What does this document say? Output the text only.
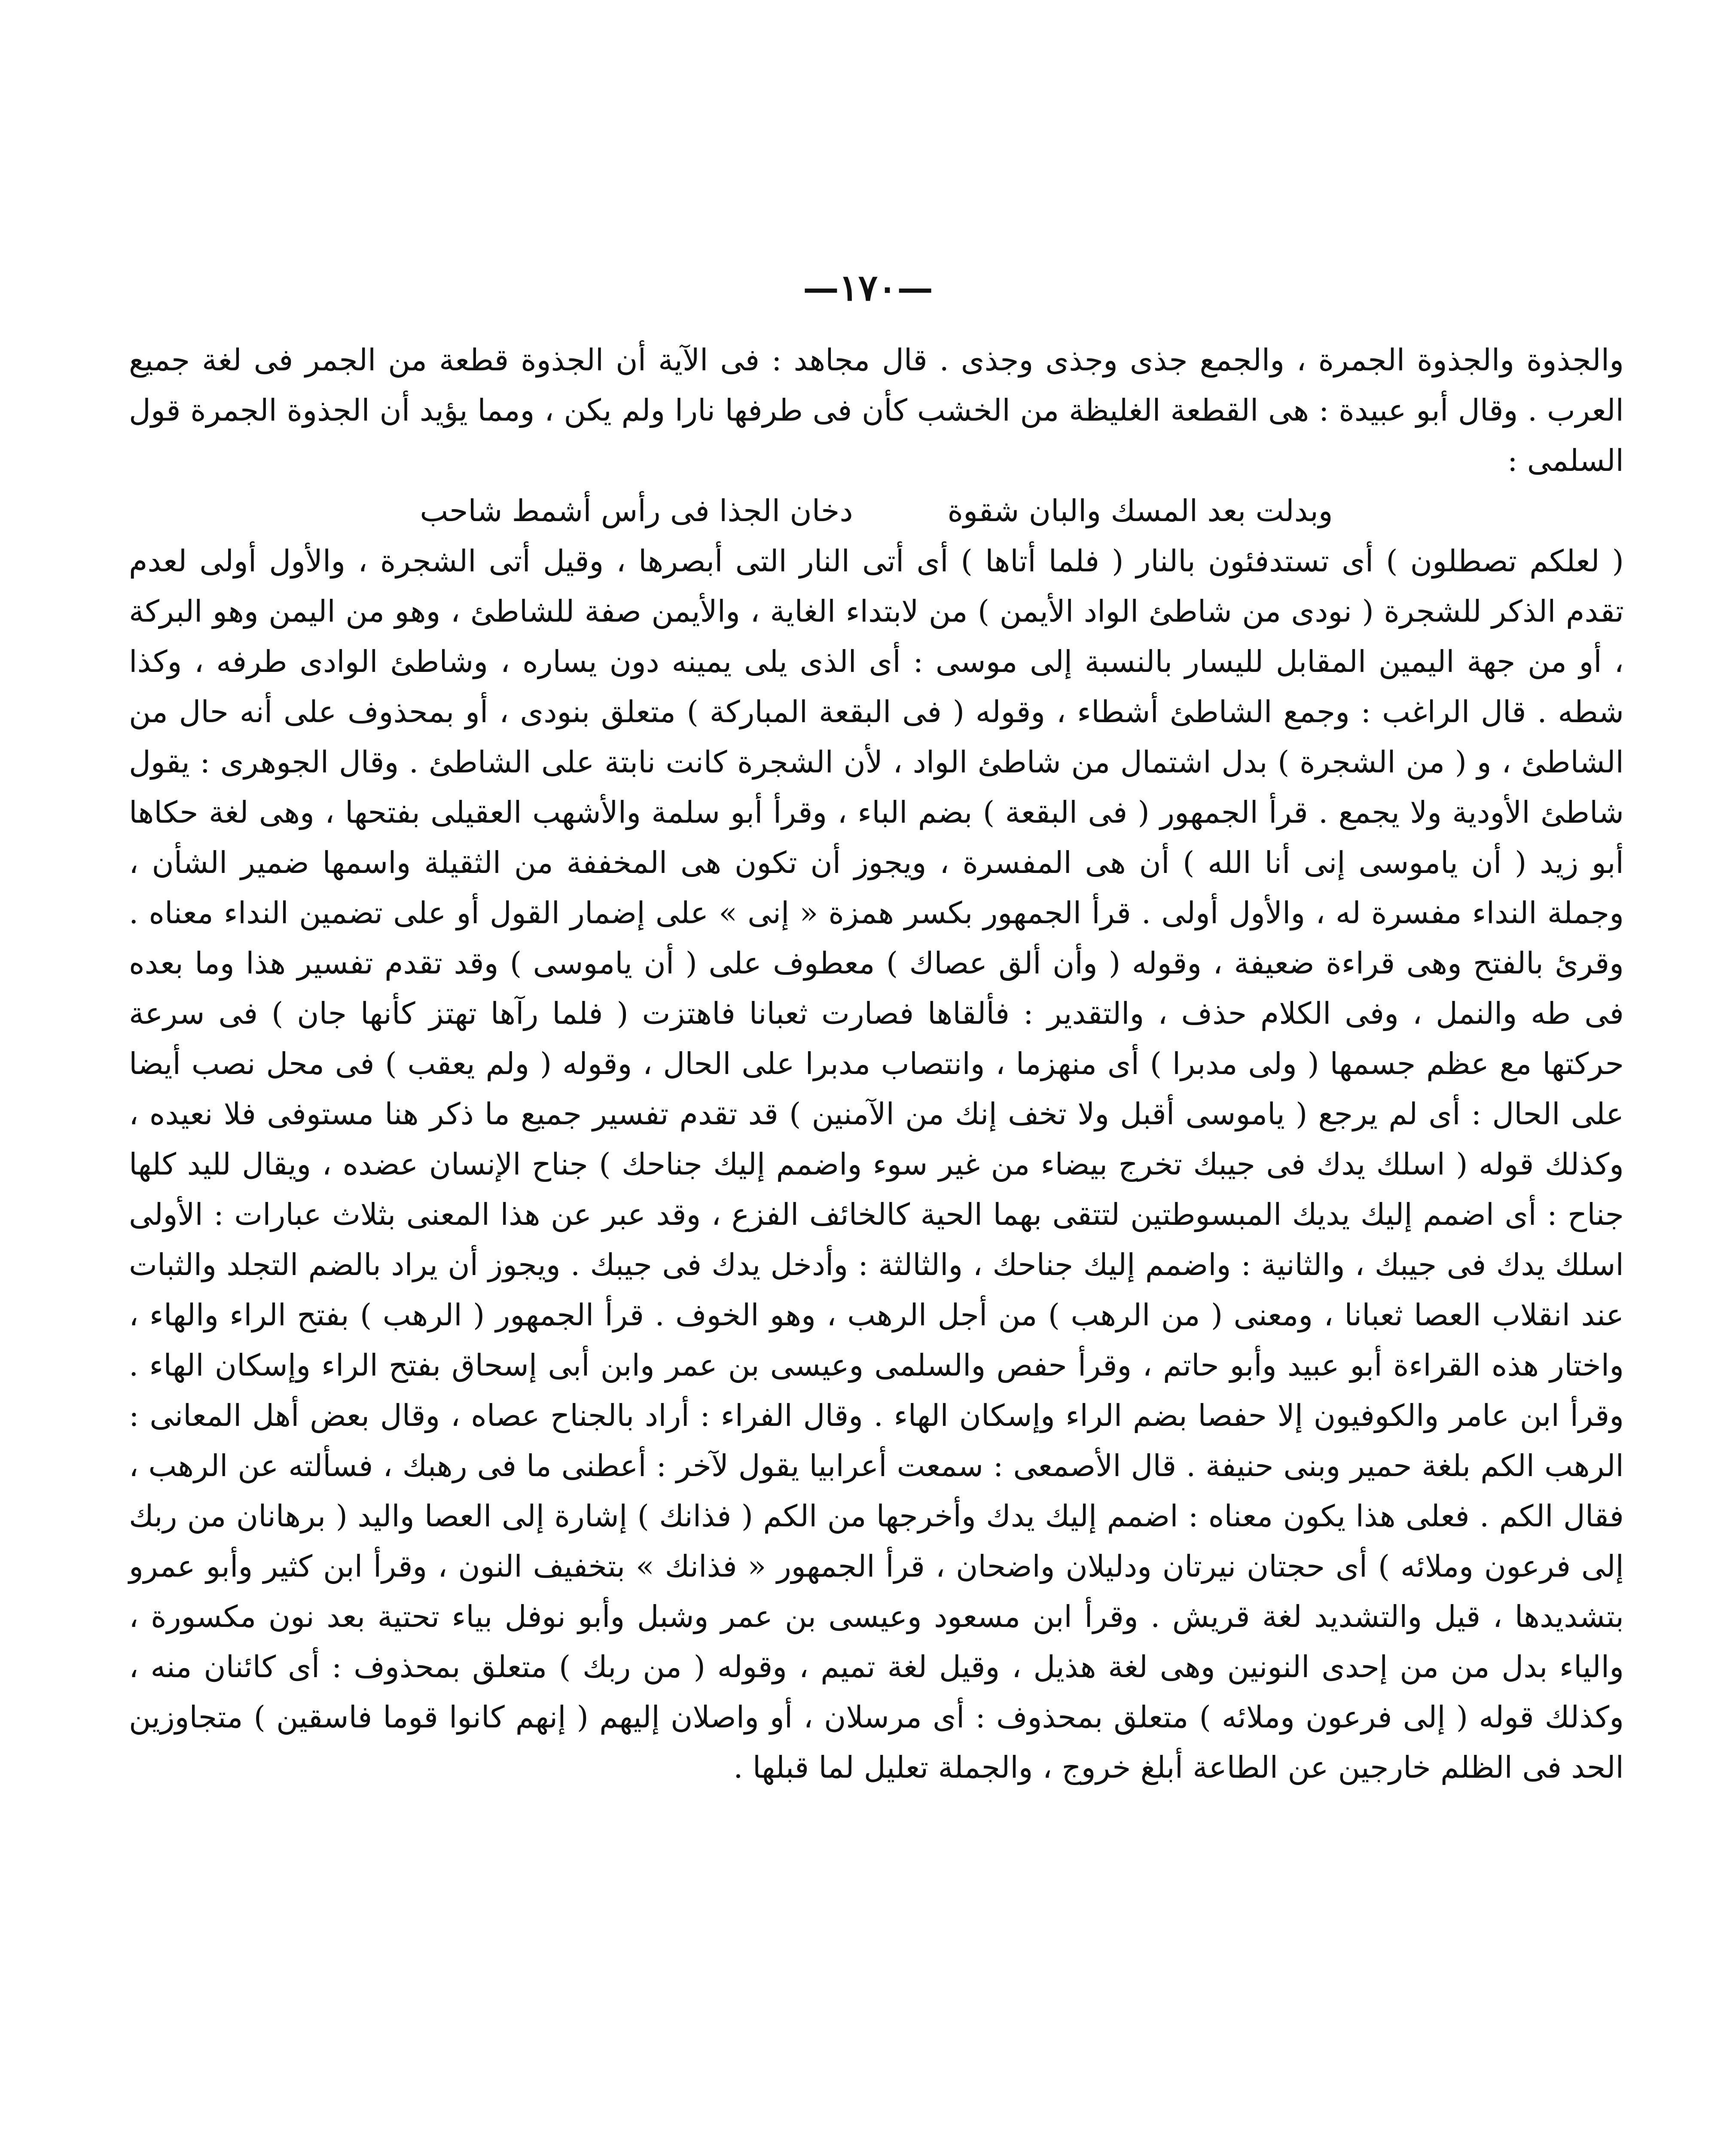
—١٧٠—

والجذوة والجذوة الجمرة ، والجمع جذى وجذى وجذى . قال مجاهد : فى الآية أن الجذوة قطعة من الجمر فى لغة جميع العرب . وقال أبو عبيدة : هى القطعة الغليظة من الخشب كأن فى طرفها نارا ولم يكن ، ومما يؤيد أن الجذوة الجمرة قول السلمى :

وبدلت بعد المسك والبان شقوة
دخان الجذا فى رأس أشمط شاحب

( لعلكم تصطلون ) أى تستدفئون بالنار ( فلما أتاها ) أى أتى النار التى أبصرها ، وقيل أتى الشجرة ، والأول أولى لعدم تقدم الذكر للشجرة ( نودى من شاطئ الواد الأيمن ) من لابتداء الغاية ، والأيمن صفة للشاطئ ، وهو من اليمن وهو البركة ، أو من جهة اليمين المقابل لليسار بالنسبة إلى موسى : أى الذى يلى يمينه دون يساره ، وشاطئ الوادى طرفه ، وكذا شطه . قال الراغب : وجمع الشاطئ أشطاء ، وقوله ( فى البقعة المباركة ) متعلق بنودى ، أو بمحذوف على أنه حال من الشاطئ ، و ( من الشجرة ) بدل اشتمال من شاطئ الواد ، لأن الشجرة كانت نابتة على الشاطئ . وقال الجوهرى : يقول شاطئ الأودية ولا يجمع . قرأ الجمهور ( فى البقعة ) بضم الباء ، وقرأ أبو سلمة والأشهب العقيلى بفتحها ، وهى لغة حكاها أبو زيد ( أن ياموسى إنى أنا الله ) أن هى المفسرة ، ويجوز أن تكون هى المخففة من الثقيلة واسمها ضمير الشأن ، وجملة النداء مفسرة له ، والأول أولى . قرأ الجمهور بكسر همزة « إنى » على إضمار القول أو على تضمين النداء معناه . وقرئ بالفتح وهى قراءة ضعيفة ، وقوله ( وأن ألق عصاك ) معطوف على ( أن ياموسى ) وقد تقدم تفسير هذا وما بعده فى طه والنمل ، وفى الكلام حذف ، والتقدير : فألقاها فصارت ثعبانا فاهتزت ( فلما رآها تهتز كأنها جان ) فى سرعة حركتها مع عظم جسمها ( ولى مدبرا ) أى منهزما ، وانتصاب مدبرا على الحال ، وقوله ( ولم يعقب ) فى محل نصب أيضا على الحال : أى لم يرجع ( ياموسى أقبل ولا تخف إنك من الآمنين ) قد تقدم تفسير جميع ما ذكر هنا مستوفى فلا نعيده ، وكذلك قوله ( اسلك يدك فى جيبك تخرج بيضاء من غير سوء واضمم إليك جناحك ) جناح الإنسان عضده ، ويقال لليد كلها جناح : أى اضمم إليك يديك المبسوطتين لتتقى بهما الحية كالخائف الفزع ، وقد عبر عن هذا المعنى بثلاث عبارات : الأولى اسلك يدك فى جيبك ، والثانية : واضمم إليك جناحك ، والثالثة : وأدخل يدك فى جيبك . ويجوز أن يراد بالضم التجلد والثبات عند انقلاب العصا ثعبانا ، ومعنى ( من الرهب ) من أجل الرهب ، وهو الخوف . قرأ الجمهور ( الرهب ) بفتح الراء والهاء ، واختار هذه القراءة أبو عبيد وأبو حاتم ، وقرأ حفص والسلمى وعيسى بن عمر وابن أبى إسحاق بفتح الراء وإسكان الهاء . وقرأ ابن عامر والكوفيون إلا حفصا بضم الراء وإسكان الهاء . وقال الفراء : أراد بالجناح عصاه ، وقال بعض أهل المعانى : الرهب الكم بلغة حمير وبنى حنيفة . قال الأصمعى : سمعت أعرابيا يقول لآخر : أعطنى ما فى رهبك ، فسألته عن الرهب ، فقال الكم . فعلى هذا يكون معناه : اضمم إليك يدك وأخرجها من الكم ( فذانك ) إشارة إلى العصا واليد ( برهانان من ربك إلى فرعون وملائه ) أى حجتان نيرتان ودليلان واضحان ، قرأ الجمهور « فذانك » بتخفيف النون ، وقرأ ابن كثير وأبو عمرو بتشديدها ، قيل والتشديد لغة قريش . وقرأ ابن مسعود وعيسى بن عمر وشبل وأبو نوفل بياء تحتية بعد نون مكسورة ، والياء بدل من من إحدى النونين وهى لغة هذيل ، وقيل لغة تميم ، وقوله ( من ربك ) متعلق بمحذوف : أى كائنان منه ، وكذلك قوله ( إلى فرعون وملائه ) متعلق بمحذوف : أى مرسلان ، أو واصلان إليهم ( إنهم كانوا قوما فاسقين ) متجاوزين الحد فى الظلم خارجين عن الطاعة أبلغ خروج ، والجملة تعليل لما قبلها .
